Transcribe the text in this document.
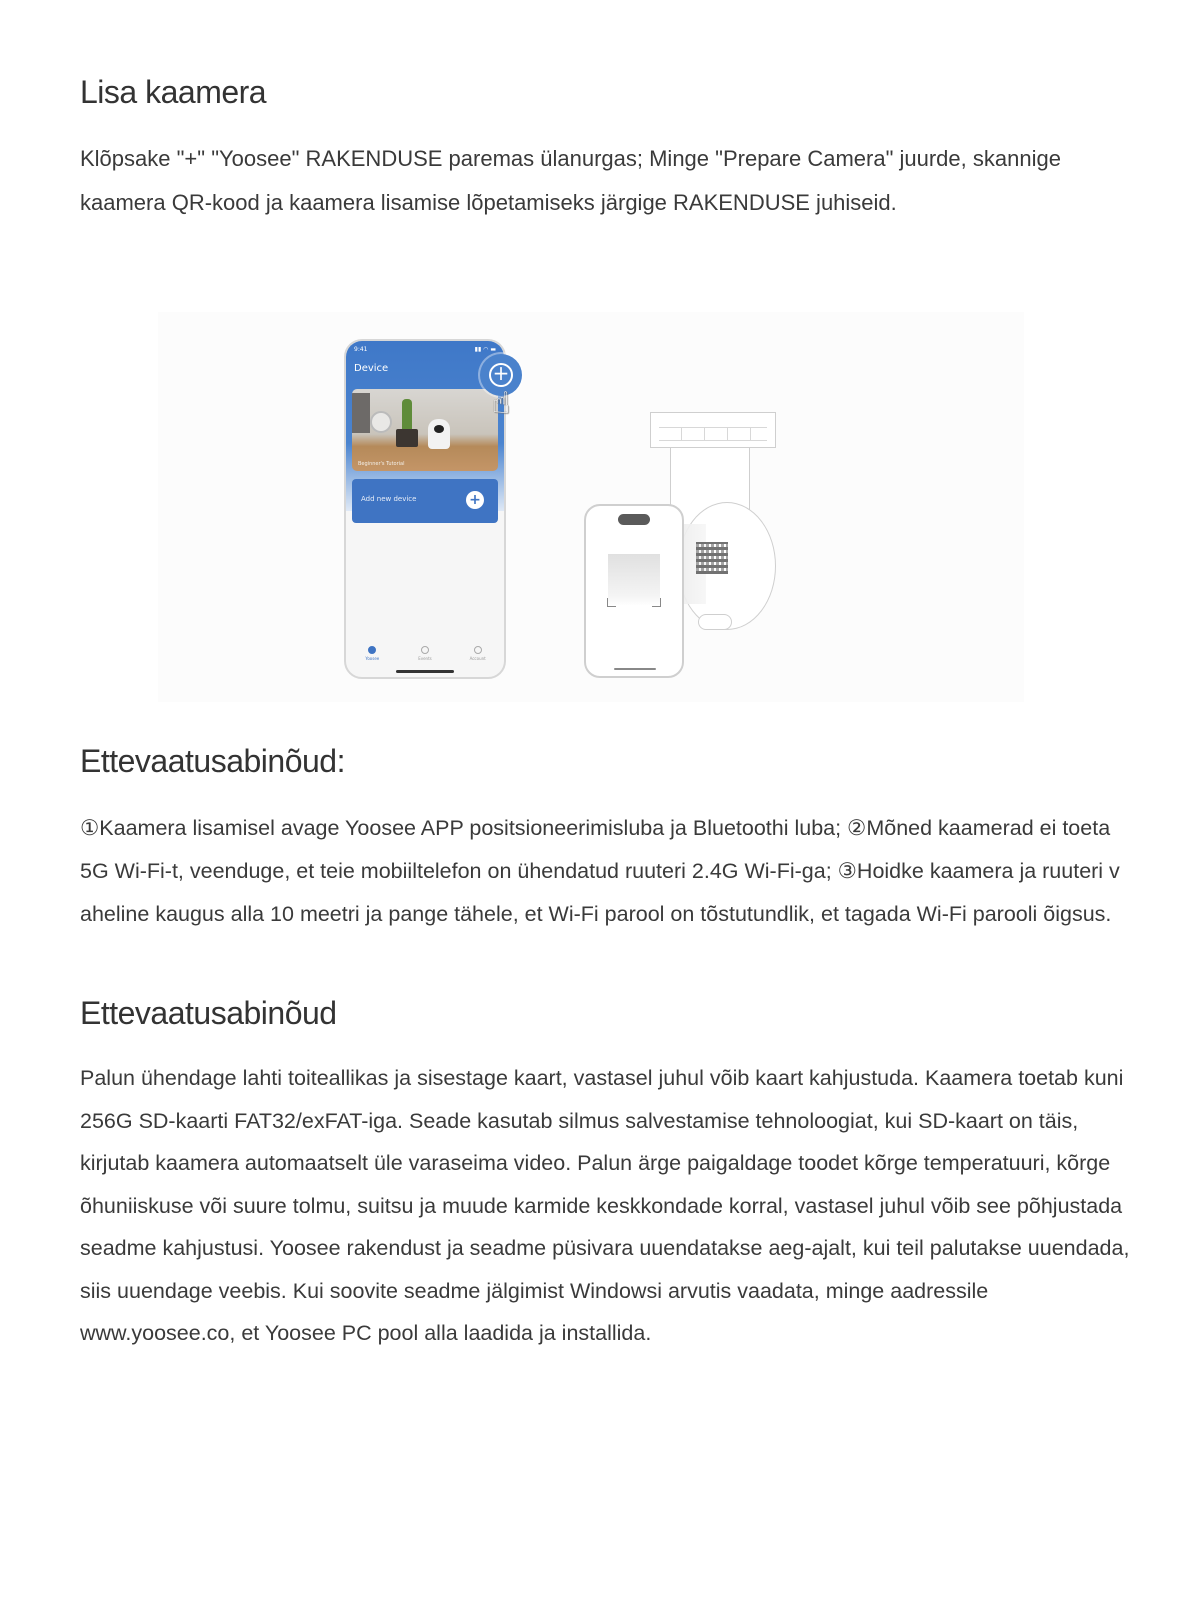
Lisa kaamera

Klõpsake "+" "Yoosee" RAKENDUSE paremas ülanurgas; Minge "Prepare Camera" juurde, skannige kaamera QR-kood ja kaamera lisamise lõpetamiseks järgige RAKENDUSE juhiseid.

Ettevaatusabinõud:

①Kaamera lisamisel avage Yoosee APP positsioneerimisluba ja Bluetoothi luba; ②Mõned kaamerad ei toeta 5G Wi-Fi-t, veenduge, et teie mobiiltelefon on ühendatud ruuteri 2.4G Wi-Fi-ga; ③Hoidke kaamera ja ruuteri vaheline kaugus alla 10 meetri ja pange tähele, et Wi-Fi parool on tõstutundlik, et tagada Wi-Fi parooli õigsus.

Ettevaatusabinõud

Palun ühendage lahti toiteallikas ja sisestage kaart, vastasel juhul võib kaart kahjustuda. Kaamera toetab kuni 256G SD-kaarti FAT32/exFAT-iga. Seade kasutab silmus salvestamise tehnoloogiat, kui SD-kaart on täis, kirjutab kaamera automaatselt üle varaseima video. Palun ärge paigaldage toodet kõrge temperatuuri, kõrge õhuniiskuse või suure tolmu, suitsu ja muude karmide keskkondade korral, vastasel juhul võib see põhjustada seadme kahjustusi. Yoosee rakendust ja seadme püsivara uuendatakse aeg-ajalt, kui teil palutakse uuendada, siis uuendage veebis. Kui soovite seadme jälgimist Windowsi arvutis vaadata, minge aadressile www.yoosee.co, et Yoosee PC pool alla laadida ja installida.

9:41	▮▮ ◠ ▬
Device
Beginner's Tutorial
Add new device	+
Yoosee	Events	Account
+
☝
